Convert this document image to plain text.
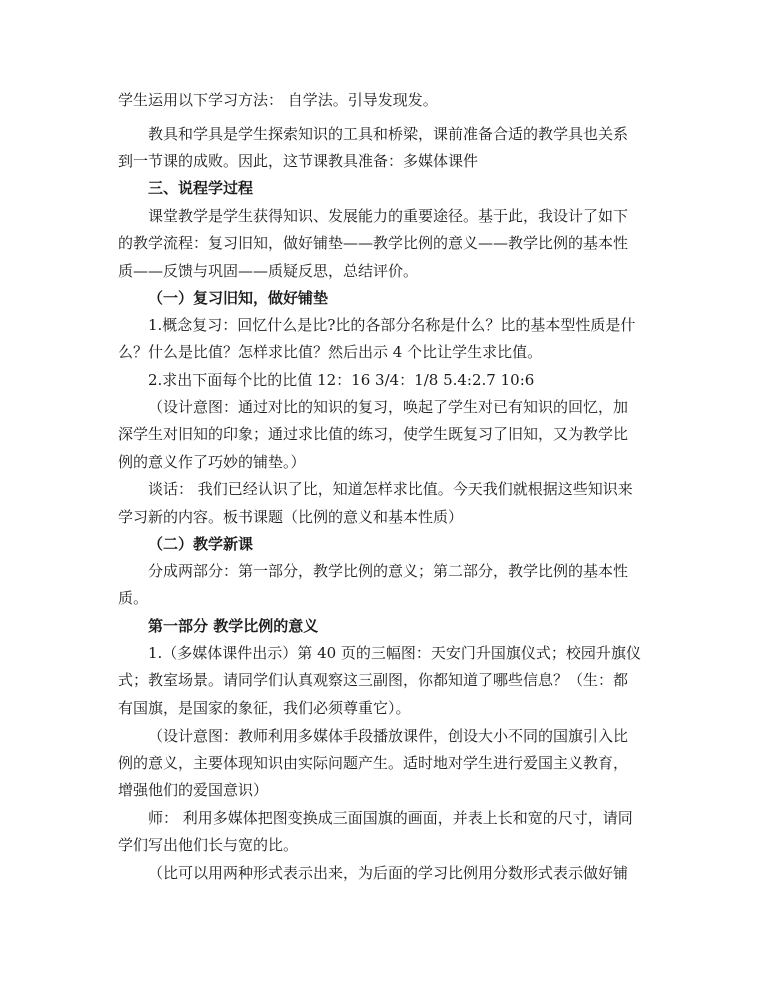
学生运用以下学习方法： 自学法。引导发现发。
教具和学具是学生探索知识的工具和桥梁，课前准备合适的教学具也关系
到一节课的成败。因此，这节课教具准备：多媒体课件
三、说程学过程
课堂教学是学生获得知识、发展能力的重要途径。基于此，我设计了如下
的教学流程：复习旧知，做好铺垫——教学比例的意义——教学比例的基本性
质——反馈与巩固——质疑反思，总结评价。
（一）复习旧知，做好铺垫
1.概念复习：回忆什么是比?比的各部分名称是什么？比的基本型性质是什
么？什么是比值？怎样求比值？然后出示 4 个比让学生求比值。
2.求出下面每个比的比值 12：16 3/4：1/8 5.4:2.7 10:6
（设计意图：通过对比的知识的复习，唤起了学生对已有知识的回忆，加
深学生对旧知的印象；通过求比值的练习，使学生既复习了旧知，又为教学比
例的意义作了巧妙的铺垫。）
谈话： 我们已经认识了比，知道怎样求比值。今天我们就根据这些知识来
学习新的内容。板书课题（比例的意义和基本性质）
（二）教学新课
分成两部分：第一部分，教学比例的意义；第二部分，教学比例的基本性
质。
第一部分 教学比例的意义
1.（多媒体课件出示）第 40 页的三幅图：天安门升国旗仪式；校园升旗仪
式；教室场景。请同学们认真观察这三副图，你都知道了哪些信息？（生：都
有国旗，是国家的象征，我们必须尊重它）。
（设计意图：教师利用多媒体手段播放课件，创设大小不同的国旗引入比
例的意义，主要体现知识由实际问题产生。适时地对学生进行爱国主义教育，
增强他们的爱国意识）
师： 利用多媒体把图变换成三面国旗的画面，并表上长和宽的尺寸，请同
学们写出他们长与宽的比。
（比可以用两种形式表示出来，为后面的学习比例用分数形式表示做好铺
